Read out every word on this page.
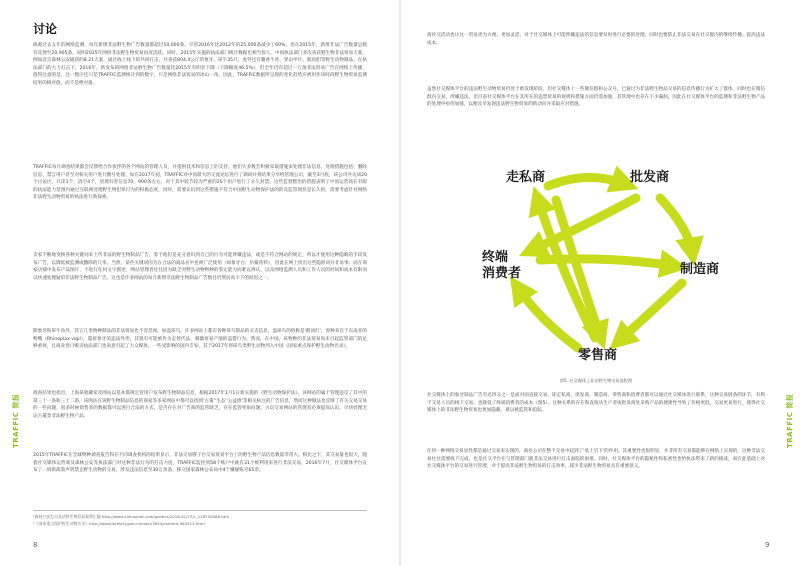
TRAFFIC 简报
讨论

纵观过去五年的网络监测，每年新增非法野生物广告数量都超过10,000条。尽管2016年比2012年的25,000条减少了60%，但在2015年，新增非法广告数量总数有反弹至20,905条，说明2015年网络非法野生物贸易再度活跃。同时，2015年实施的执法部门统计数据也相当惊人，中国执法部门多次查获野生物非法贸易大案，例如北京森林公安破获的8.21大案，通过线上线下的共同打击，共查获804.4公斤的象牙、犀牛35只、虎外还有麝香牛骨、穿山甲片、熊鱼胆等野生动物制品。在执法部门的大力打击下，2016年，新发布的网络非法野生物广告数量比2015年有明显下降（下降幅度46.5%），但全年仍有超过一万条非法贸易广告在网络上传播，值得注意的是，这一数字还只是TRAFFIC监测统计到的数字，只是网络非法贸易的冰山一角。因此，TRAFFIC数据所呈现的变化趋势应被用作该时段野生物贸易监测结果的相对值，而不是绝对值。

TRAFFIC每月调查结果都会反馈给合作伙伴的各个网站的管理人员，并提供技术和信息上的支持。他们大多数会积极采取措施来处理非法信息，处理措施包括：删除信息、禁言用户甚至对相关用户进行删号处理。如在2017年初，TRAFFIC对中国最大的交流论坛进行了调研并将结果分享给管理公司，截至3月底，该公司共关闭20个讨论区，只读1个，清空4个，清理有害信息70、900条左右，对于其中较节较为严重的20个用户进行了永久封禁。这些监督整治的措施表明了中国运营商在有限的执法能力范围内通过互联网处理野生物犯罪行为的积极态度，同时，需要认识到这些措施不符合中国野生动物保护法的的及监管现状是长久的，需要考虑针对网络非法野生动物贸易的执法进行新探索。

卖家不断地变换各种关键词来上传非法的野生物制品广告，鉴于他们是充分意识到自己的行为可能涉嫌违法，或是不符合网站的规定，所以才使用这种隐晦的手段发布广告，以降低被监测或删除的几率。当然，某些关键词因为在合法的商品名中也被广泛使用（如象牙白、仿鲨鱼料），因此在网上找出这些隐匿词并非易事；而在商家店铺中发布产品图片，不进行任何文字描述，网站管理者往往因为缺乏对野生动物物种的鉴定能力而难以辨认，以及网络监测人员和工作人员的时间和成本有限而以快速处理疑似非法野生物制品广告。这也是许多网站的每月新增非法野生物制品广告数目仍然居高不下的原因之一。

除象牙和犀牛角外，其它几类物种制品的非法贸易也不容忽视。如盔犀鸟，许多网站上都有各种犀鸟制品的买卖信息，盔犀鸟的俗称是'鹤顶红'，原种来自于东南亚的鸭嘴（Rhinoplax vigil），隐匿象牙的违法外形，其很有可能被作为走替代品，刺激贸易产地的盗猎行为。然而，在中国，该物种的非法贸易尚未引起监管部门的足够重视，且商业进口贩卖执法部门也尚意引起了大众媒体，一些受影响的国内专家，其于2017年将犀鸟类野生动物列入中国《国家重点保护野生动物名录》。

调查结果也指出，上海某收藏家及网站以基本都规定管用户发布野生物制品信息，根据2017年1月1日新实施的《野生动物保护法》，该网站的属于管理违反了其中的第三十一条和三十二条，该网站在该野生物制品信息的商家等多家网站中都可以找到'古董''生态''公益组'等相关标注的广告信息，然而这种做法也反映了有关交易交易的一些问题，很多时候销售者的数据都可以进行合法的方式，是否存在对广告商的监管缺乏，存在监管死角问题，古玩交易网站的管理者必须提高认识，尽快处理无证古董类非法野生物产品。

2015年TRAFFIC在全球物种调查报告和在不同调查机构的结果显示，非法交易牌子台交易贸易平台上的野生物产品信息数量非常大。相比之下，其交易量也很大，随着社交媒体运营商及森林公安等执法部门对这种非法行为的打击力度，TRAFFIC监控到58个账户中就有31个被利用来进行非法交易，2016年7月，社交媒体平台宣布了一项新政策声明禁止野生动物的交易，涉及违法信息至30万余条，移交国家森林公安局中4个嫌疑账号65余。

¹森林公安打击非法野生物贸易案例汇编 http://www.xinhuanet.com/politics/2016-02/27/c_128750488.htm
²《国家重点保护野生动物名录》http://www.forestry.gov.cn/main/3954/content-963513.html
8	9
TRAFFIC 简报

商社交活动也让这一贸易更为方便、更加灵活，对于社交媒体上可能涉嫌违法的信息要及时进行必要的处理。同时也要防止非法交易在社交群内的继续传播，提高违法成本。

虽然社交媒体平台的违法野生动物贸易仍处于被发现阶段，但社交媒体上一些微信群和公众号，已通过为非法野生物品交易的信息传播行为扩大了群体，同时也在微信群内交易，涉嫌违法，但目前社交媒体平台在其所在的违禁贸易的规则和措施方面仍需加强，其管理中也存在不少漏洞。因此在社交媒体平台的监测和非法野生物产品的处理中亟待加强，以便及早发现违法野生物贸易的新动向并采取应对措施。

走私商	批发商
终端
消费者	制造商
零售商
图5. 社交媒体上非法野生物交易流程图

社交媒体上的象牙制品广告有近四分之一是面对面直接交易，即走私商、批发商、制造商、零售商和消费者都可以通过社交媒体进行联系，这种交易链条的环节，有利于交易人员的线下交易，也降低了终端消费者的成本（图5）。这种关系的存在和直接从生产者或批发商处采购产品的便捷性导致了价格更低，交易更易进行，使得社交媒体上的非法野生物贸易也更加隐蔽，难以被监管和追踪。

任何一种网络交易显性都是通过交易来实现的，商业公司在整个交易中起到了'承上启下'的作用。其重要性也很明显，并非所有交易都能够在网络上实现的，这种非法交易往往需要线下完成，也是社交平台在与管理部门就非法交易进行打击面临的困难。同时，社交媒体平台的隐秘性和私密性也给执法带来了新的挑战，而在此基础上对社交媒体平台的交易进行管理，对于提高非法野生物贸易的打击效率，减少非法野生物贸易具有重要意义。
